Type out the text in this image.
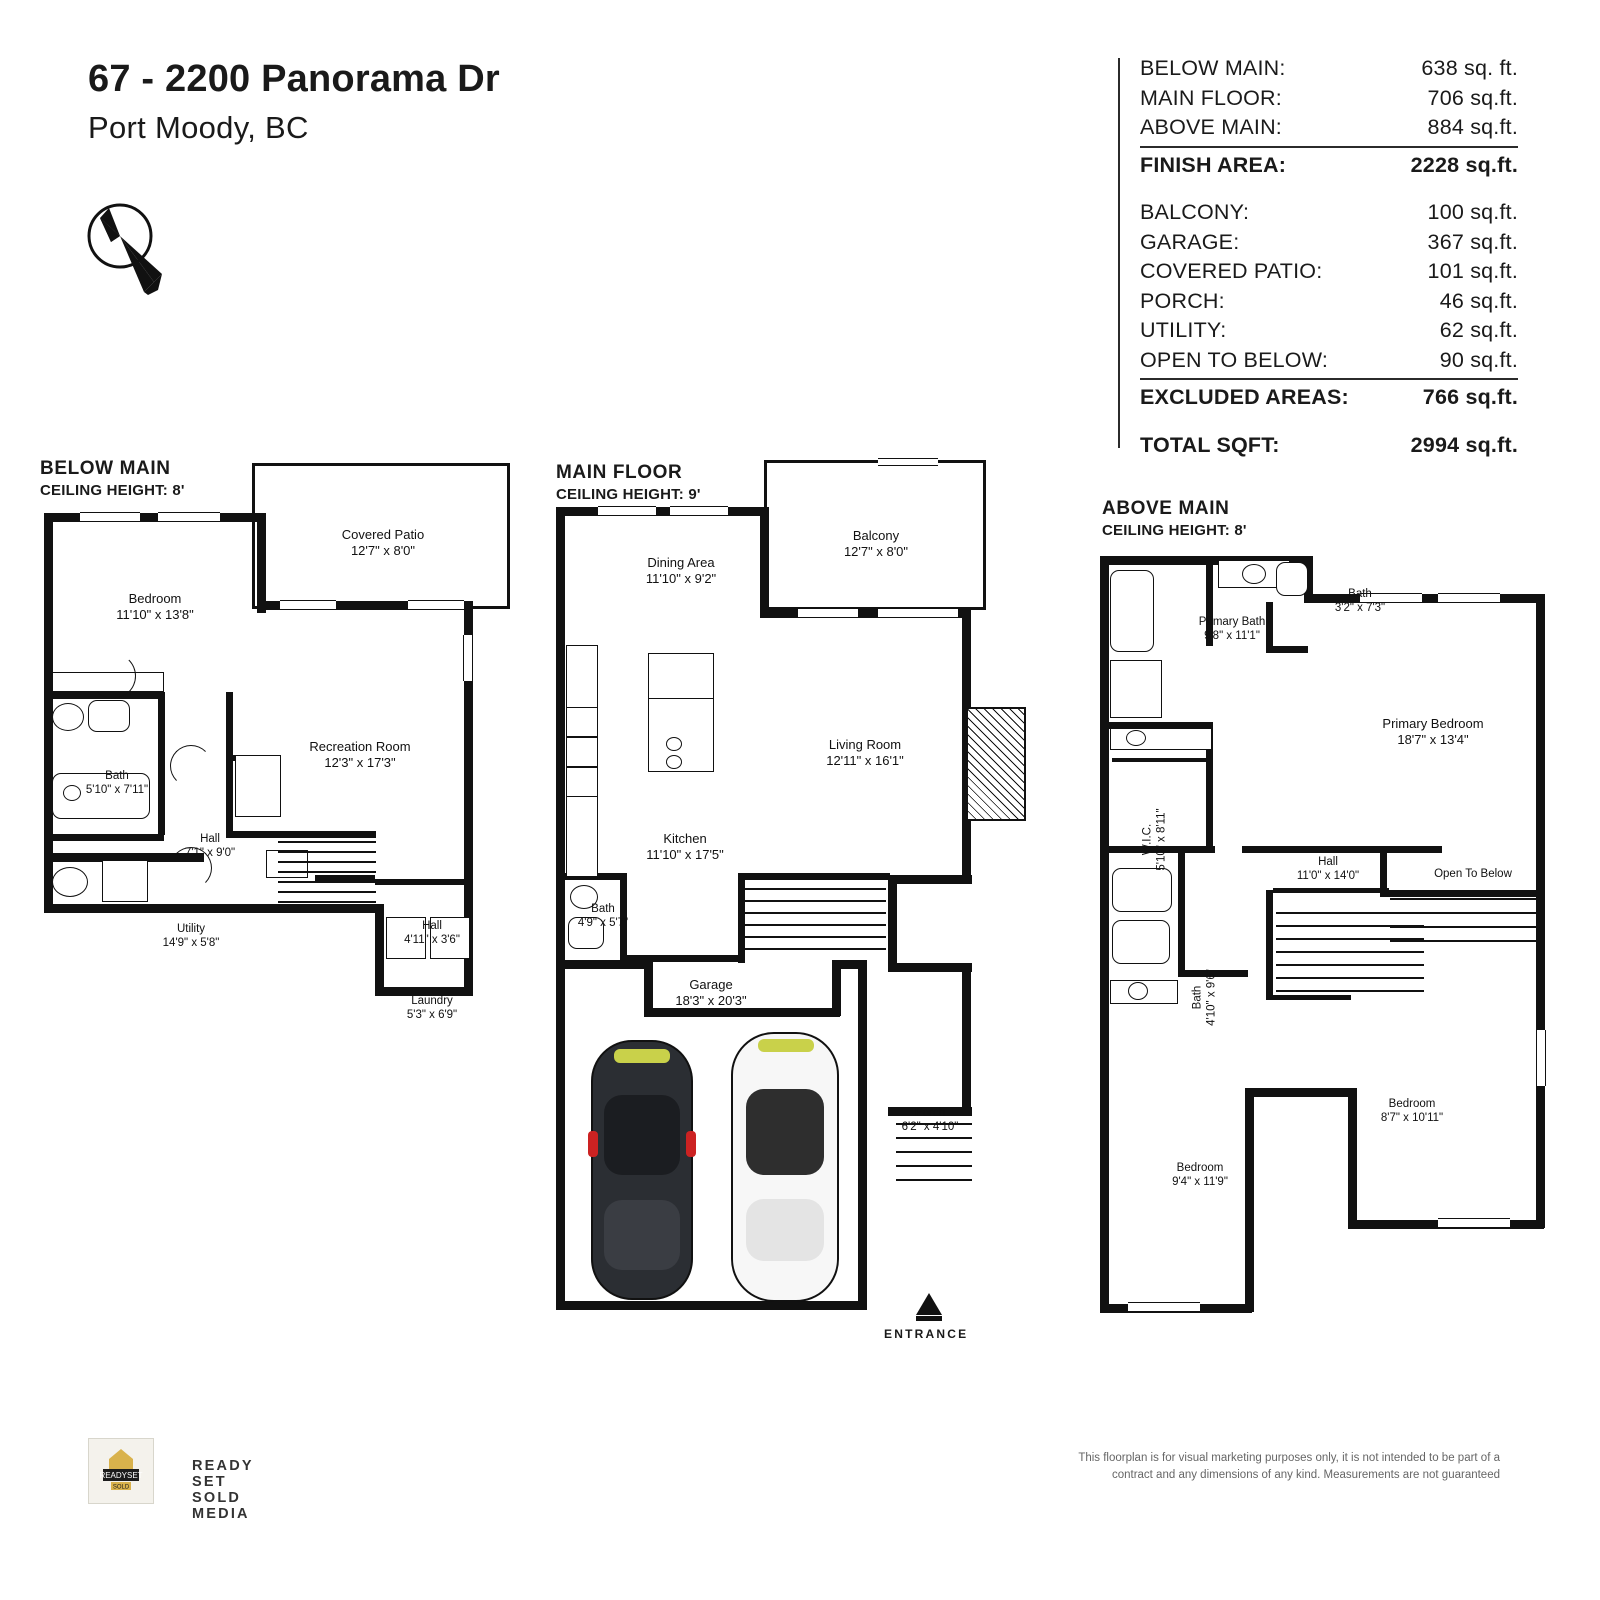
67 - 2200 Panorama Dr
Port Moody, BC
BELOW MAIN:	638 sq. ft.
MAIN FLOOR:	706 sq.ft.
ABOVE MAIN:	884 sq.ft.
FINISH AREA:	2228 sq.ft.
BALCONY:	100 sq.ft.
GARAGE:	367 sq.ft.
COVERED PATIO:	101 sq.ft.
PORCH:	46 sq.ft.
UTILITY:	62 sq.ft.
OPEN TO BELOW:	90 sq.ft.
EXCLUDED AREAS:	766 sq.ft.
TOTAL SQFT:	2994 sq.ft.
BELOW MAIN
CEILING HEIGHT: 8'
Covered Patio
12'7" x 8'0"
Bedroom
11'10" x 13'8"
Recreation Room
12'3" x 17'3"
Bath
5'10" x 7'11"
Hall
7'1" x 9'0"
Utility
14'9" x 5'8"
Hall
4'11" x 3'6"
Laundry
5'3" x 6'9"
MAIN FLOOR
CEILING HEIGHT: 9'
ENTRANCE
Balcony
12'7" x 8'0"
Dining Area
11'10" x 9'2"
Living Room
12'11" x 16'1"
Kitchen
11'10" x 17'5"
Bath
4'9" x 5'7"
Garage
18'3" x 20'3"
Porch
6'2" x 4'10"
ABOVE MAIN
CEILING HEIGHT: 8'
Bath
3'2" x 7'3"
Primary Bath
9'8" x 11'1"
Primary Bedroom
18'7" x 13'4"
W.I.C. 5'10" x 8'11"	Hall
11'0" x 14'0"	Open To Below
Bath 4'10" x 9'6"
Bedroom
8'7" x 10'11"
Bedroom
9'4" x 11'9"
READYSET
SOLD
READY SET SOLD MEDIA
This floorplan is for visual marketing purposes only, it is not intended to be part of a contract and any dimensions of any kind. Measurements are not guaranteed
